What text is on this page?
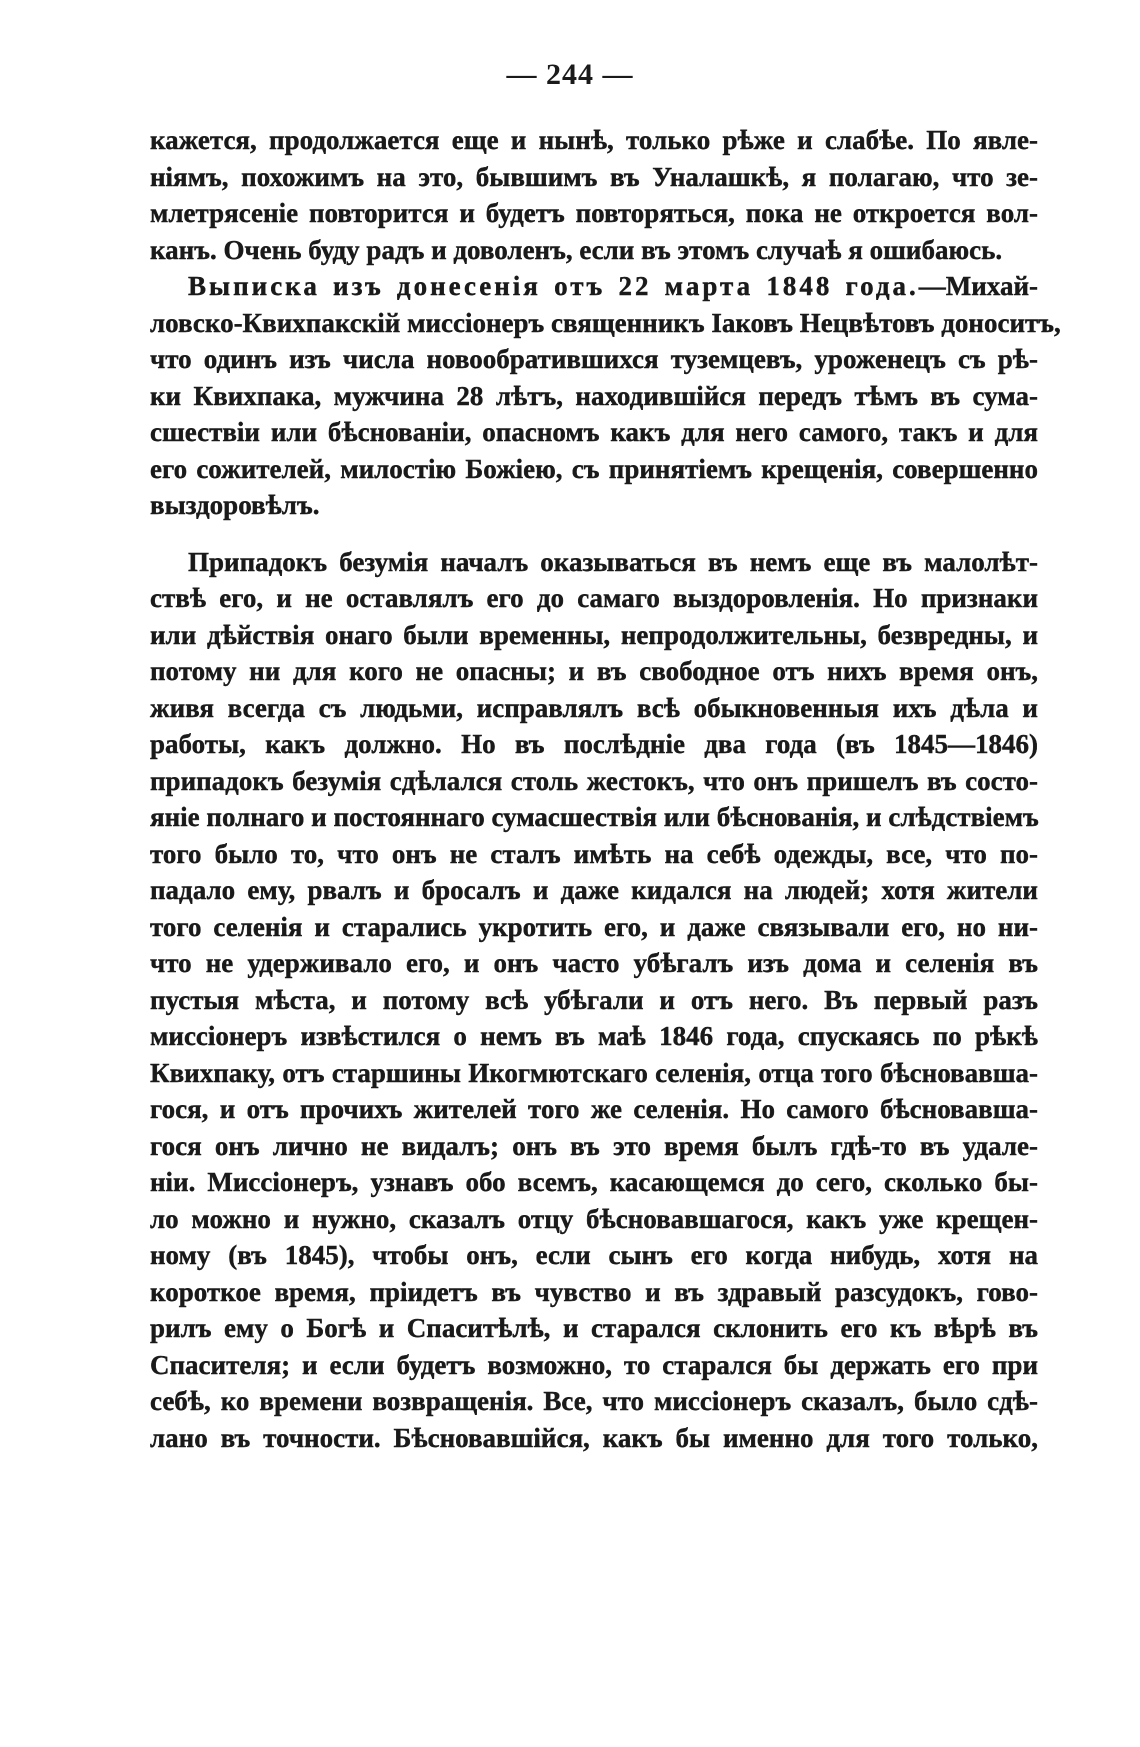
— 244 —
кажется, продолжается еще и нынѣ, только рѣже и слабѣе. По явле-
ніямъ, похожимъ на это, бывшимъ въ Уналашкѣ, я полагаю, что зе-
млетрясеніе повторится и будетъ повторяться, пока не откроется вол-
канъ. Очень буду радъ и доволенъ, если въ этомъ случаѣ я ошибаюсь.
Выписка изъ донесенія отъ 22 марта 1848 года.—Михай-
ловско-Квихпакскій миссіонеръ священникъ Іаковъ Нецвѣтовъ доноситъ,
что одинъ изъ числа новообратившихся туземцевъ, уроженецъ съ рѣ-
ки Квихпака, мужчина 28 лѣтъ, находившійся передъ тѣмъ въ сума-
сшествіи или бѣсновaніи, опасномъ какъ для него самого, такъ и для
его сожителей, милостію Божіею, съ принятіемъ крещенія, совершенно
выздоровѣлъ.
Припадокъ безумія началъ оказываться въ немъ еще въ малолѣт-
ствѣ его, и не оставлялъ его до самаго выздоровленія. Но признаки
или дѣйствія онаго были временны, непродолжительны, безвредны, и
потому ни для кого не опасны; и въ свободное отъ нихъ время онъ,
живя всегда съ людьми, исправлялъ всѣ обыкновенныя ихъ дѣла и
работы, какъ должно. Но въ послѣдніе два года (въ 1845—1846)
припадокъ безумія сдѣлался столь жестокъ, что онъ пришелъ въ состо-
яніе полнаго и постояннаго сумасшествія или бѣснованія, и слѣдствіемъ
того было то, что онъ не сталъ имѣть на себѣ одежды, все, что по-
падало ему, рвалъ и бросалъ и даже кидался на людей; хотя жители
того селенія и старались укротить его, и даже связывали его, но ни-
что не удерживало его, и онъ часто убѣгалъ изъ дома и селенія въ
пустыя мѣста, и потому всѣ убѣгали и отъ него. Въ первый разъ
миссіонеръ извѣстился о немъ въ маѣ 1846 года, спускаясь по рѣкѣ
Квихпаку, отъ старшины Икогмютскаго селенія, отца того бѣсновавша-
гося, и отъ прочихъ жителей того же селенія. Но самого бѣсновавша-
гося онъ лично не видалъ; онъ въ это время былъ гдѣ-то въ удале-
ніи. Миссіонеръ, узнавъ обо всемъ, касающемся до сего, сколько бы-
ло можно и нужно, сказалъ отцу бѣсновавшагося, какъ уже крещен-
ному (въ 1845), чтобы онъ, если сынъ его когда нибудь, хотя на
короткое время, пріидетъ въ чувство и въ здравый разсудокъ, гово-
рилъ ему о Богѣ и Спаситѣлѣ, и старался склонить его къ вѣрѣ въ
Спасителя; и если будетъ возможно, то старался бы держать его при
себѣ, ко времени возвращенія. Все, что миссіонеръ сказалъ, было сдѣ-
лано въ точности. Бѣсновавшійся, какъ бы именно для того только,
